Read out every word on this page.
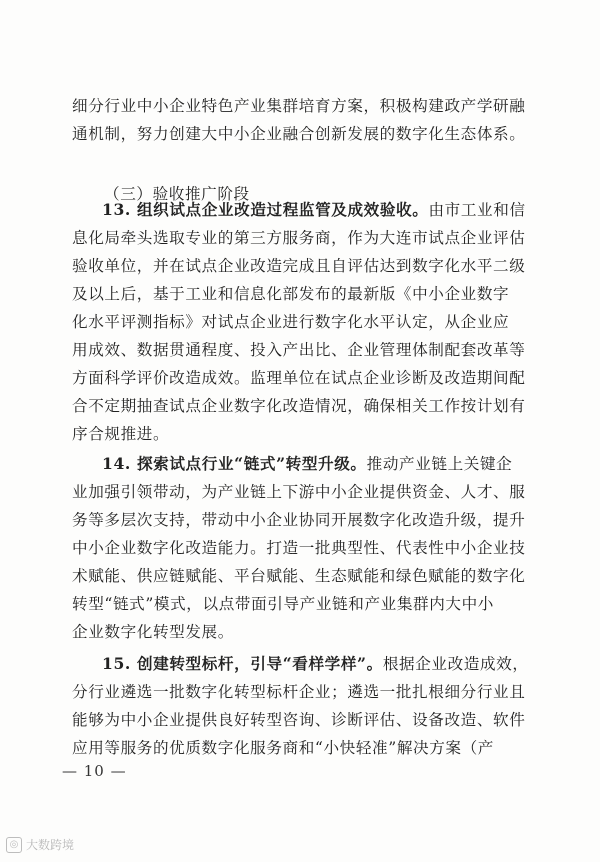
细分行业中小企业特色产业集群培育方案，积极构建政产学研融
通机制，努力创建大中小企业融合创新发展的数字化生态体系。
（三）验收推广阶段
13. 组织试点企业改造过程监管及成效验收。由市工业和信
息化局牵头选取专业的第三方服务商，作为大连市试点企业评估
验收单位，并在试点企业改造完成且自评估达到数字化水平二级
及以上后，基于工业和信息化部发布的最新版《中小企业数字
化水平评测指标》对试点企业进行数字化水平认定，从企业应
用成效、数据贯通程度、投入产出比、企业管理体制配套改革等
方面科学评价改造成效。监理单位在试点企业诊断及改造期间配
合不定期抽查试点企业数字化改造情况，确保相关工作按计划有
序合规推进。
14. 探索试点行业“链式”转型升级。推动产业链上关键企
业加强引领带动，为产业链上下游中小企业提供资金、人才、服
务等多层次支持，带动中小企业协同开展数字化改造升级，提升
中小企业数字化改造能力。打造一批典型性、代表性中小企业技
术赋能、供应链赋能、平台赋能、生态赋能和绿色赋能的数字化
转型“链式”模式，以点带面引导产业链和产业集群内大中小
企业数字化转型发展。
15. 创建转型标杆，引导“看样学样”。根据企业改造成效，
分行业遴选一批数字化转型标杆企业；遴选一批扎根细分行业且
能够为中小企业提供良好转型咨询、诊断评估、设备改造、软件
应用等服务的优质数字化服务商和“小快轻准”解决方案（产
— 10 —
◎ 大数跨境
